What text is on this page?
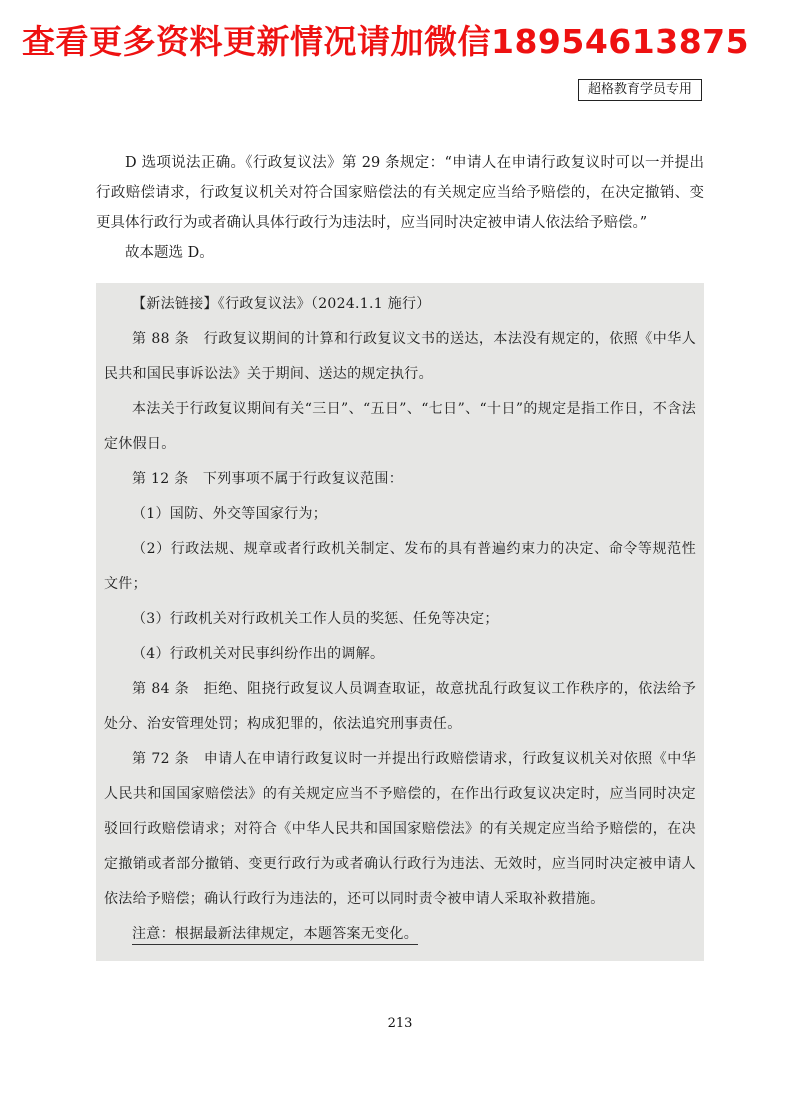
查看更多资料更新情况请加微信18954613875
超格教育学员专用

D 选项说法正确。《行政复议法》第 29 条规定：“申请人在申请行政复议时可以一并提出行政赔偿请求，行政复议机关对符合国家赔偿法的有关规定应当给予赔偿的，在决定撤销、变更具体行政行为或者确认具体行政行为违法时，应当同时决定被申请人依法给予赔偿。”

故本题选 D。

【新法链接】《行政复议法》（2024.1.1 施行）

第 88 条　行政复议期间的计算和行政复议文书的送达，本法没有规定的，依照《中华人民共和国民事诉讼法》关于期间、送达的规定执行。

本法关于行政复议期间有关“三日”、“五日”、“七日”、“十日”的规定是指工作日，不含法定休假日。

第 12 条　下列事项不属于行政复议范围：

（1）国防、外交等国家行为；

（2）行政法规、规章或者行政机关制定、发布的具有普遍约束力的决定、命令等规范性文件；

（3）行政机关对行政机关工作人员的奖惩、任免等决定；

（4）行政机关对民事纠纷作出的调解。

第 84 条　拒绝、阻挠行政复议人员调查取证，故意扰乱行政复议工作秩序的，依法给予处分、治安管理处罚；构成犯罪的，依法追究刑事责任。

第 72 条　申请人在申请行政复议时一并提出行政赔偿请求，行政复议机关对依照《中华人民共和国国家赔偿法》的有关规定应当不予赔偿的，在作出行政复议决定时，应当同时决定驳回行政赔偿请求；对符合《中华人民共和国国家赔偿法》的有关规定应当给予赔偿的，在决定撤销或者部分撤销、变更行政行为或者确认行政行为违法、无效时，应当同时决定被申请人依法给予赔偿；确认行政行为违法的，还可以同时责令被申请人采取补救措施。

注意：根据最新法律规定，本题答案无变化。

213
